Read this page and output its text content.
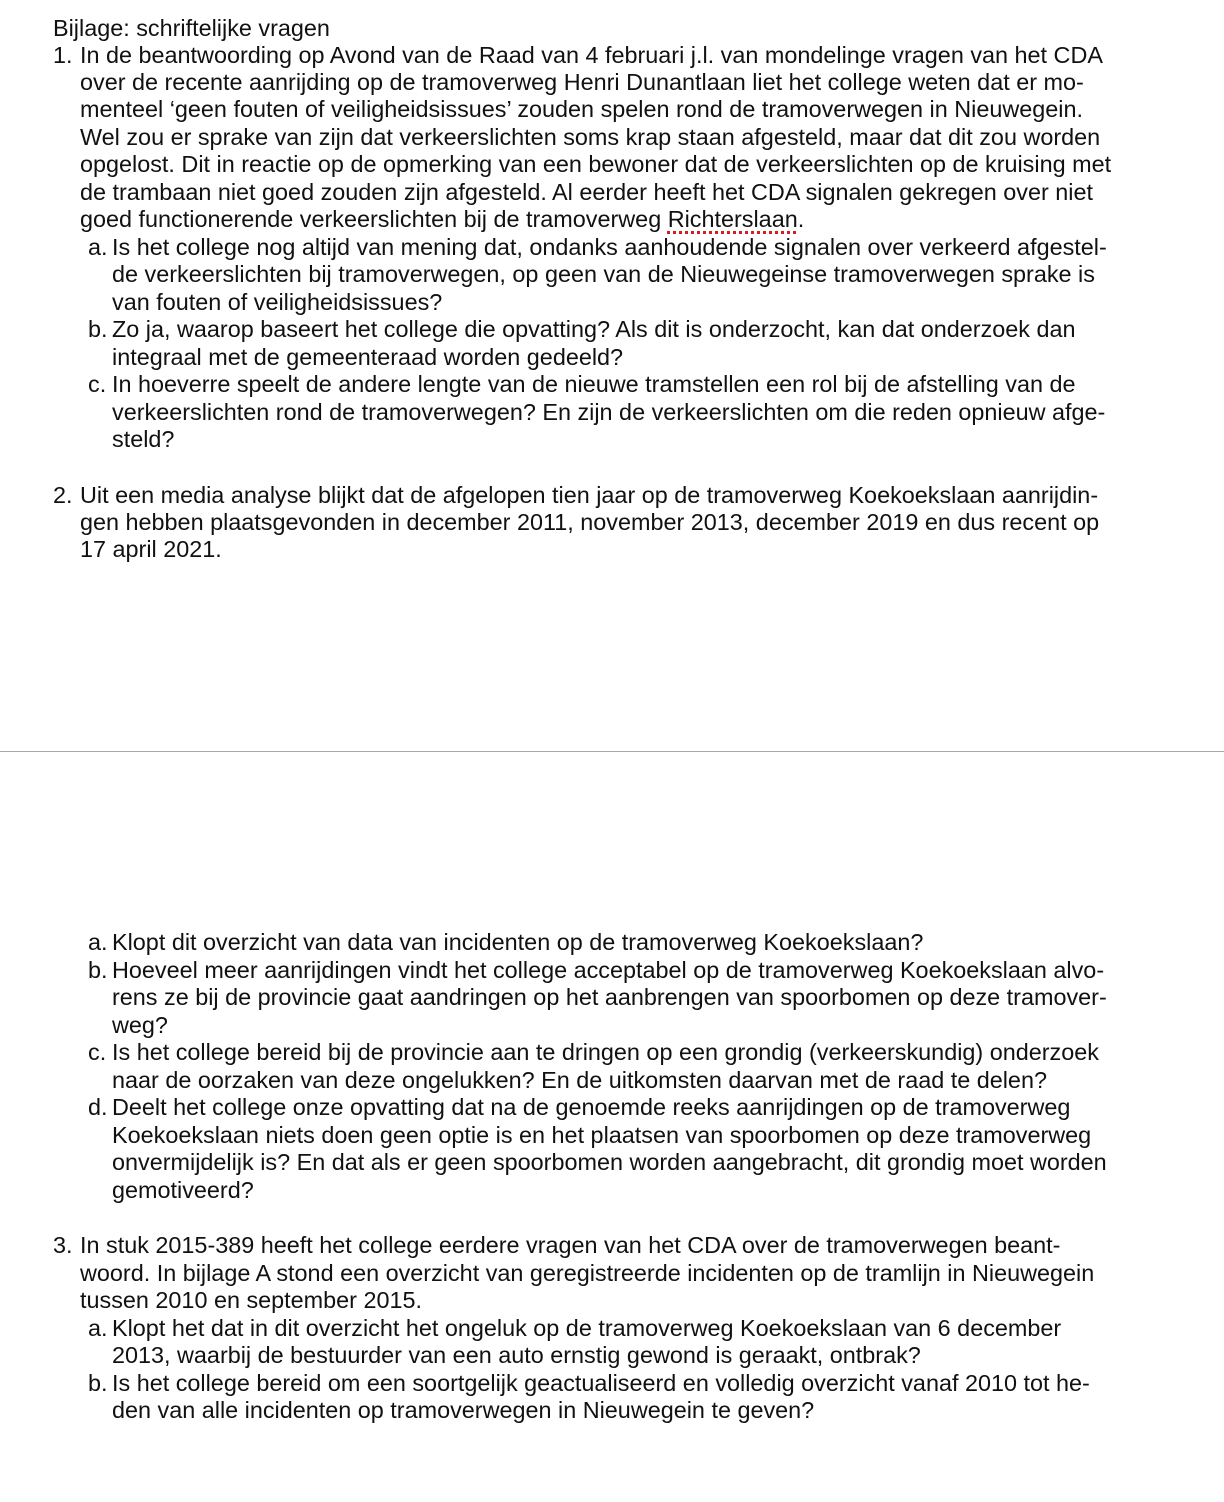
Bijlage: schriftelijke vragen
1. In de beantwoording op Avond van de Raad van 4 februari j.l. van mondelinge vragen van het CDA
over de recente aanrijding op de tramoverweg Henri Dunantlaan liet het college weten dat er mo-
menteel ‘geen fouten of veiligheidsissues’ zouden spelen rond de tramoverwegen in Nieuwegein.
Wel zou er sprake van zijn dat verkeerslichten soms krap staan afgesteld, maar dat dit zou worden
opgelost. Dit in reactie op de opmerking van een bewoner dat de verkeerslichten op de kruising met
de trambaan niet goed zouden zijn afgesteld. Al eerder heeft het CDA signalen gekregen over niet
goed functionerende verkeerslichten bij de tramoverweg Richterslaan.
a. Is het college nog altijd van mening dat, ondanks aanhoudende signalen over verkeerd afgestel-
de verkeerslichten bij tramoverwegen, op geen van de Nieuwegeinse tramoverwegen sprake is
van fouten of veiligheidsissues?
b. Zo ja, waarop baseert het college die opvatting? Als dit is onderzocht, kan dat onderzoek dan
integraal met de gemeenteraad worden gedeeld?
c. In hoeverre speelt de andere lengte van de nieuwe tramstellen een rol bij de afstelling van de
verkeerslichten rond de tramoverwegen? En zijn de verkeerslichten om die reden opnieuw afge-
steld?
2. Uit een media analyse blijkt dat de afgelopen tien jaar op de tramoverweg Koekoekslaan aanrijdin-
gen hebben plaatsgevonden in december 2011, november 2013, december 2019 en dus recent op
17 april 2021.
a. Klopt dit overzicht van data van incidenten op de tramoverweg Koekoekslaan?
b. Hoeveel meer aanrijdingen vindt het college acceptabel op de tramoverweg Koekoekslaan alvo-
rens ze bij de provincie gaat aandringen op het aanbrengen van spoorbomen op deze tramover-
weg?
c. Is het college bereid bij de provincie aan te dringen op een grondig (verkeerskundig) onderzoek
naar de oorzaken van deze ongelukken? En de uitkomsten daarvan met de raad te delen?
d. Deelt het college onze opvatting dat na de genoemde reeks aanrijdingen op de tramoverweg
Koekoekslaan niets doen geen optie is en het plaatsen van spoorbomen op deze tramoverweg
onvermijdelijk is? En dat als er geen spoorbomen worden aangebracht, dit grondig moet worden
gemotiveerd?
3. In stuk 2015-389 heeft het college eerdere vragen van het CDA over de tramoverwegen beant-
woord. In bijlage A stond een overzicht van geregistreerde incidenten op de tramlijn in Nieuwegein
tussen 2010 en september 2015.
a. Klopt het dat in dit overzicht het ongeluk op de tramoverweg Koekoekslaan van 6 december
2013, waarbij de bestuurder van een auto ernstig gewond is geraakt, ontbrak?
b. Is het college bereid om een soortgelijk geactualiseerd en volledig overzicht vanaf 2010 tot he-
den van alle incidenten op tramoverwegen in Nieuwegein te geven?
